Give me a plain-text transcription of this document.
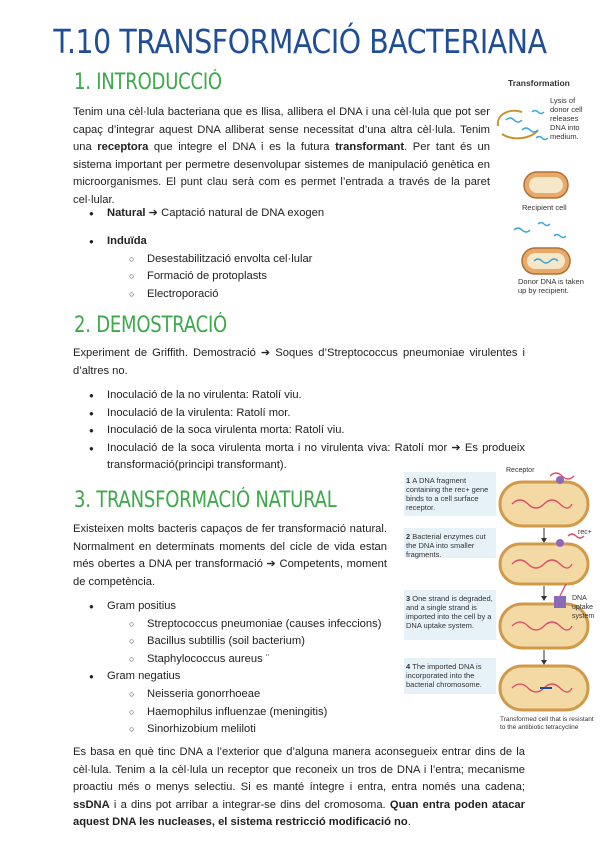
T.10 TRANSFORMACIÓ BACTERIANA
1. INTRODUCCIÓ
Tenim una cèl·lula bacteriana que es llisa, allibera el DNA i una cèl·lula que pot ser capaç d’integrar aquest DNA alliberat sense necessitat d’una altra cèl·lula. Tenim una receptora que integre el DNA i es la futura transformant. Per tant és un sistema important per permetre desenvolupar sistemes de manipulació genètica en microorganismes. El punt clau serà com es permet l’entrada a través de la paret cel·lular.
● Natural ➔ Captació natural de DNA exogen
● Induïda
○ Desestabilització envolta cel·lular
○ Formació de protoplasts
○ Electroporació
Transformation
Lysis of donor cell releases DNA into medium.
Recipient cell
Donor DNA is taken up by recipient.
2. DEMOSTRACIÓ
Experiment de Griffith. Demostració ➔ Soques d’Streptococcus pneumoniae virulentes i d’altres no.
● Inoculació de la no virulenta: Ratolí viu.
● Inoculació de la virulenta: Ratolí mor.
● Inoculació de la soca virulenta morta: Ratolí viu.
● Inoculació de la soca virulenta morta i no virulenta viva: Ratolí mor ➔ Es produeix transformació(principi transformant).
3. TRANSFORMACIÓ NATURAL
Existeixen molts bacteris capaços de fer transformació natural. Normalment en determinats moments del cicle de vida estan més obertes a DNA per transformació ➔ Competents, moment de competència.
● Gram positius
○ Streptococcus pneumoniae (causes infeccions)
○ Bacillus subtillis (soil bacterium)
○ Staphylococcus aureus ¨
● Gram negatius
○ Neisseria gonorrhoeae
○ Haemophilus influenzae (meningitis)
○ Sinorhizobium meliloti
Receptor
rec+
DNA uptake system
1 A DNA fragment containing the rec+ gene binds to a cell surface receptor.
2 Bacterial enzymes cut the DNA into smaller fragments.
3 One strand is degraded, and a single strand is imported into the cell by a DNA uptake system.
4 The imported DNA is incorporated into the bacterial chromosome.
Transformed cell that is resistant to the antibiotic tetracycline
Es basa en què tinc DNA a l’exterior que d’alguna manera aconsegueix entrar dins de la cèl·lula. Tenim a la cèl·lula un receptor que reconeix un tros de DNA i l’entra; mecanisme proactiu més o menys selectiu. Si es manté íntegre i entra, entra només una cadena; ssDNA i a dins pot arribar a integrar-se dins del cromosoma. Quan entra poden atacar aquest DNA les nucleases, el sistema restricció modificació no.
